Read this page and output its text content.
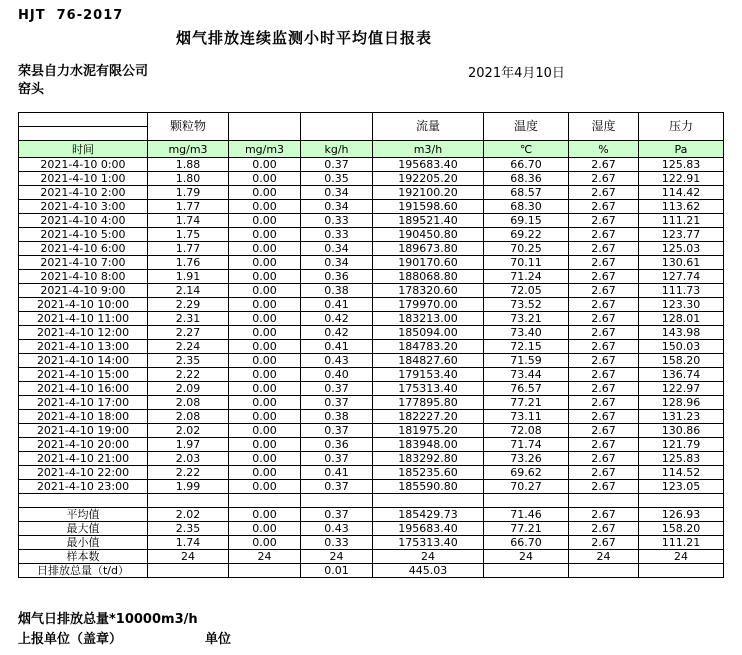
HJT  76-2017
烟气排放连续监测小时平均值日报表
荣县自力水泥有限公司	2021年4月10日
窑头
	颗粒物			流量	温度	湿度	压力

时间	mg/m3	mg/m3	kg/h	m3/h	℃	%	Pa
2021-4-10 0:00	1.88	0.00	0.37	195683.40	66.70	2.67	125.83
2021-4-10 1:00	1.80	0.00	0.35	192205.20	68.36	2.67	122.91
2021-4-10 2:00	1.79	0.00	0.34	192100.20	68.57	2.67	114.42
2021-4-10 3:00	1.77	0.00	0.34	191598.60	68.30	2.67	113.62
2021-4-10 4:00	1.74	0.00	0.33	189521.40	69.15	2.67	111.21
2021-4-10 5:00	1.75	0.00	0.33	190450.80	69.22	2.67	123.77
2021-4-10 6:00	1.77	0.00	0.34	189673.80	70.25	2.67	125.03
2021-4-10 7:00	1.76	0.00	0.34	190170.60	70.11	2.67	130.61
2021-4-10 8:00	1.91	0.00	0.36	188068.80	71.24	2.67	127.74
2021-4-10 9:00	2.14	0.00	0.38	178320.60	72.05	2.67	111.73
2021-4-10 10:00	2.29	0.00	0.41	179970.00	73.52	2.67	123.30
2021-4-10 11:00	2.31	0.00	0.42	183213.00	73.21	2.67	128.01
2021-4-10 12:00	2.27	0.00	0.42	185094.00	73.40	2.67	143.98
2021-4-10 13:00	2.24	0.00	0.41	184783.20	72.15	2.67	150.03
2021-4-10 14:00	2.35	0.00	0.43	184827.60	71.59	2.67	158.20
2021-4-10 15:00	2.22	0.00	0.40	179153.40	73.44	2.67	136.74
2021-4-10 16:00	2.09	0.00	0.37	175313.40	76.57	2.67	122.97
2021-4-10 17:00	2.08	0.00	0.37	177895.80	77.21	2.67	128.96
2021-4-10 18:00	2.08	0.00	0.38	182227.20	73.11	2.67	131.23
2021-4-10 19:00	2.02	0.00	0.37	181975.20	72.08	2.67	130.86
2021-4-10 20:00	1.97	0.00	0.36	183948.00	71.74	2.67	121.79
2021-4-10 21:00	2.03	0.00	0.37	183292.80	73.26	2.67	125.83
2021-4-10 22:00	2.22	0.00	0.41	185235.60	69.62	2.67	114.52
2021-4-10 23:00	1.99	0.00	0.37	185590.80	70.27	2.67	123.05

平均值	2.02	0.00	0.37	185429.73	71.46	2.67	126.93
最大值	2.35	0.00	0.43	195683.40	77.21	2.67	158.20
最小值	1.74	0.00	0.33	175313.40	66.70	2.67	111.21
样本数	24	24	24	24	24	24	24
日排放总量（t/d）			0.01	445.03			
烟气日排放总量*10000m3/h
上报单位（盖章）	单位
